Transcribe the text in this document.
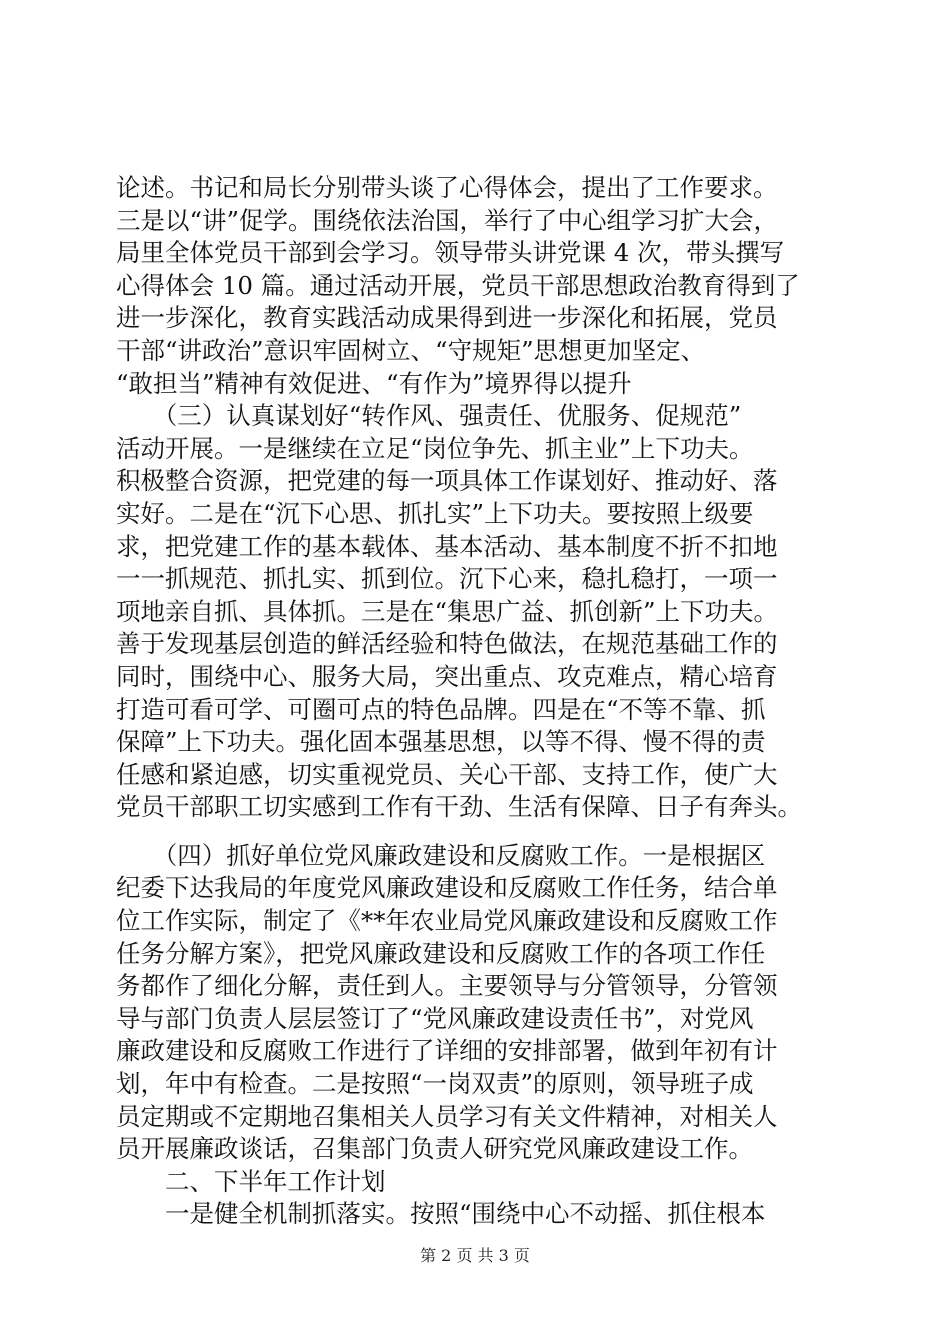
论述。书记和局长分别带头谈了心得体会，提出了工作要求。
三是以“讲”促学。围绕依法治国，举行了中心组学习扩大会，
局里全体党员干部到会学习。领导带头讲党课 4 次，带头撰写
心得体会 10 篇。通过活动开展，党员干部思想政治教育得到了
进一步深化，教育实践活动成果得到进一步深化和拓展，党员
干部“讲政治”意识牢固树立、“守规矩”思想更加坚定、
“敢担当”精神有效促进、“有作为”境界得以提升
　　（三）认真谋划好“转作风、强责任、优服务、促规范”
活动开展。一是继续在立足“岗位争先、抓主业”上下功夫。
积极整合资源，把党建的每一项具体工作谋划好、推动好、落
实好。二是在“沉下心思、抓扎实”上下功夫。要按照上级要
求，把党建工作的基本载体、基本活动、基本制度不折不扣地
一一抓规范、抓扎实、抓到位。沉下心来，稳扎稳打，一项一
项地亲自抓、具体抓。三是在“集思广益、抓创新”上下功夫。
善于发现基层创造的鲜活经验和特色做法，在规范基础工作的
同时，围绕中心、服务大局，突出重点、攻克难点，精心培育
打造可看可学、可圈可点的特色品牌。四是在“不等不靠、抓
保障”上下功夫。强化固本强基思想，以等不得、慢不得的责
任感和紧迫感，切实重视党员、关心干部、支持工作，使广大
党员干部职工切实感到工作有干劲、生活有保障、日子有奔头。
　　（四）抓好单位党风廉政建设和反腐败工作。一是根据区
纪委下达我局的年度党风廉政建设和反腐败工作任务，结合单
位工作实际，制定了《**年农业局党风廉政建设和反腐败工作
任务分解方案》，把党风廉政建设和反腐败工作的各项工作任
务都作了细化分解，责任到人。主要领导与分管领导，分管领
导与部门负责人层层签订了“党风廉政建设责任书”，对党风
廉政建设和反腐败工作进行了详细的安排部署，做到年初有计
划，年中有检查。二是按照“一岗双责”的原则，领导班子成
员定期或不定期地召集相关人员学习有关文件精神，对相关人
员开展廉政谈话，召集部门负责人研究党风廉政建设工作。
　　二、下半年工作计划
　　一是健全机制抓落实。按照“围绕中心不动摇、抓住根本
第 2 页 共 3 页
